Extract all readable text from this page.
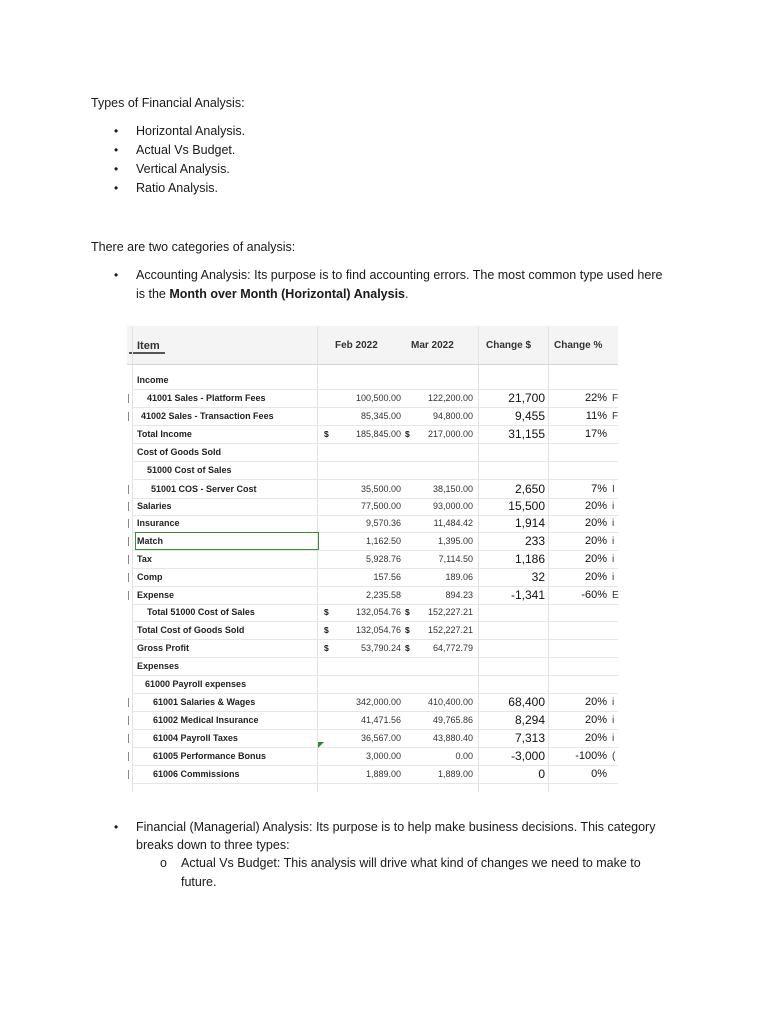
Types of Financial Analysis:
• Horizontal Analysis.
• Actual Vs Budget.
• Vertical Analysis.
• Ratio Analysis.
There are two categories of analysis:
• Accounting Analysis: Its purpose is to find accounting errors. The most common type used here
is the Month over Month (Horizontal) Analysis.
Item	Feb 2022	Mar 2022	Change $ Change %
Income
41001 Sales - Platform Fees	100,500.00	122,200.00	21,700	22% F
41002 Sales - Transaction Fees	85,345.00	94,800.00	9,455	11% F
Total Income	$	185,845.00 $	217,000.00	31,155	17%
Cost of Goods Sold
51000 Cost of Sales
51001 COS - Server Cost	35,500.00	38,150.00	2,650	7% I
Salaries	77,500.00	93,000.00	15,500	20% i
Insurance	9,570.36	11,484.42	1,914	20% i
Match	1,162.50	1,395.00	233	20% i
Tax	5,928.76	7,114.50	1,186	20% i
Comp	157.56	189.06	32	20% i
Expense	2,235.58	894.23	-1,341	-60% E
Total 51000 Cost of Sales	$	132,054.76 $	152,227.21
Total Cost of Goods Sold	$	132,054.76 $	152,227.21
Gross Profit	$	53,790.24 $	64,772.79
Expenses
61000 Payroll expenses
61001 Salaries & Wages	342,000.00	410,400.00	68,400	20% i
61002 Medical Insurance	41,471.56	49,765.86	8,294	20% i
61004 Payroll Taxes	36,567.00	43,880.40	7,313	20% i
61005 Performance Bonus	3,000.00	0.00	-3,000	-100% (
61006 Commissions	1,889.00	1,889.00	0	0%
• Financial (Managerial) Analysis: Its purpose is to help make business decisions. This category
breaks down to three types:
o Actual Vs Budget: This analysis will drive what kind of changes we need to make to
future.
